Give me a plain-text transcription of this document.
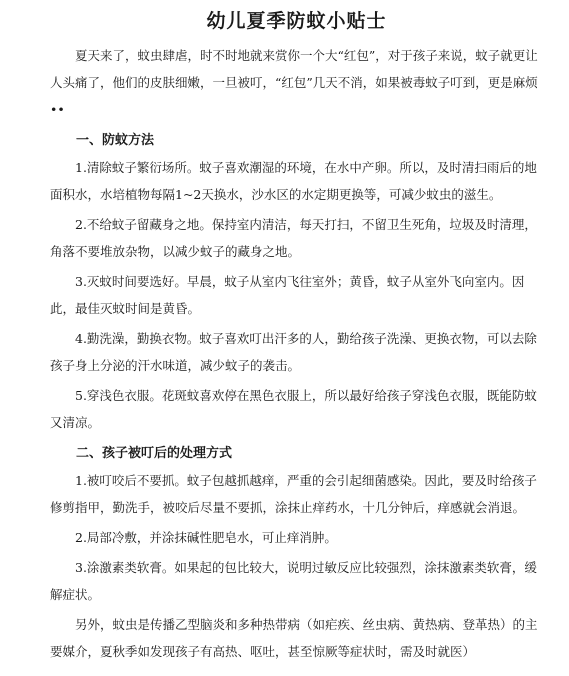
幼儿夏季防蚊小贴士

夏天来了，蚊虫肆虐，时不时地就来赏你一个大“红包”，对于孩子来说，蚊子就更让人头痛了，他们的皮肤细嫩，一旦被叮，“红包”几天不消，如果被毒蚊子叮到，更是麻烦••

一、防蚊方法

1.清除蚊子繁衍场所。蚊子喜欢潮湿的环境，在水中产卵。所以，及时清扫雨后的地面积水，水培植物每隔1~2天换水，沙水区的水定期更换等，可减少蚊虫的滋生。

2.不给蚊子留藏身之地。保持室内清洁，每天打扫，不留卫生死角，垃圾及时清理，角落不要堆放杂物，以减少蚊子的藏身之地。

3.灭蚊时间要选好。早晨，蚊子从室内飞往室外；黄昏，蚊子从室外飞向室内。因此，最佳灭蚊时间是黄昏。

4.勤洗澡，勤换衣物。蚊子喜欢叮出汗多的人，勤给孩子洗澡、更换衣物，可以去除孩子身上分泌的汗水味道，减少蚊子的袭击。

5.穿浅色衣服。花斑蚊喜欢停在黑色衣服上，所以最好给孩子穿浅色衣服，既能防蚊又清凉。

二、孩子被叮后的处理方式

1.被叮咬后不要抓。蚊子包越抓越痒，严重的会引起细菌感染。因此，要及时给孩子修剪指甲，勤洗手，被咬后尽量不要抓，涂抹止痒药水，十几分钟后，痒感就会消退。

2.局部冷敷，并涂抹碱性肥皂水，可止痒消肿。

3.涂激素类软膏。如果起的包比较大，说明过敏反应比较强烈，涂抹激素类软膏，缓解症状。

另外，蚊虫是传播乙型脑炎和多种热带病（如疟疾、丝虫病、黄热病、登革热）的主要媒介，夏秋季如发现孩子有高热、呕吐，甚至惊厥等症状时，需及时就医）
